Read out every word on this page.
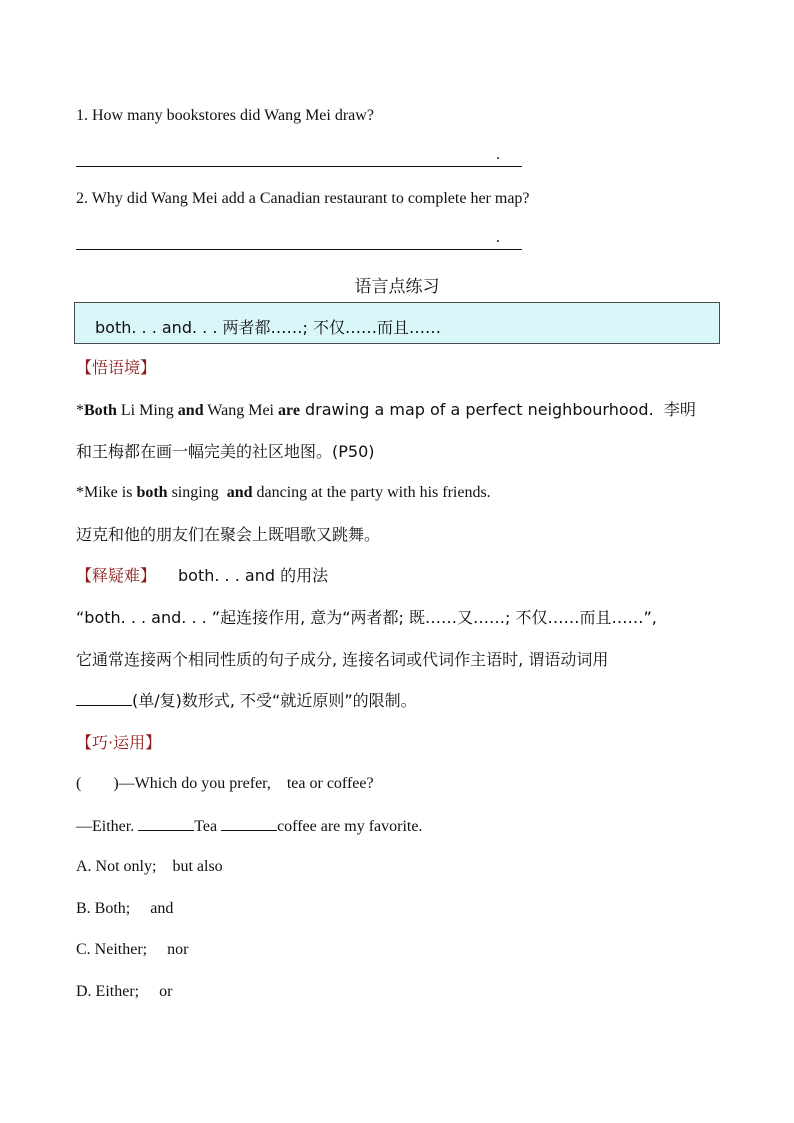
1. How many bookstores did Wang Mei draw?
.
2. Why did Wang Mei add a Canadian restaurant to complete her map?
.
语言点练习
both. . . and. . . 两者都……; 不仅……而且……
【悟语境】
*Both Li Ming and Wang Mei are drawing a map of a perfect neighbourhood.  李明
和王梅都在画一幅完美的社区地图。(P50)
*Mike is both singing  and dancing at the party with his friends.
迈克和他的朋友们在聚会上既唱歌又跳舞。
【释疑难】 both. . . and 的用法
“both. . . and. . . ”起连接作用, 意为“两者都; 既……又……; 不仅……而且……”,
它通常连接两个相同性质的句子成分, 连接名词或代词作主语时, 谓语动词用
(单/复)数形式, 不受“就近原则”的限制。
【巧·运用】
(        )—Which do you prefer,    tea or coffee?
—Either.	Tea	coffee are my favorite.
A. Not only;    but also
B. Both;     and
C. Neither;     nor
D. Either;     or
